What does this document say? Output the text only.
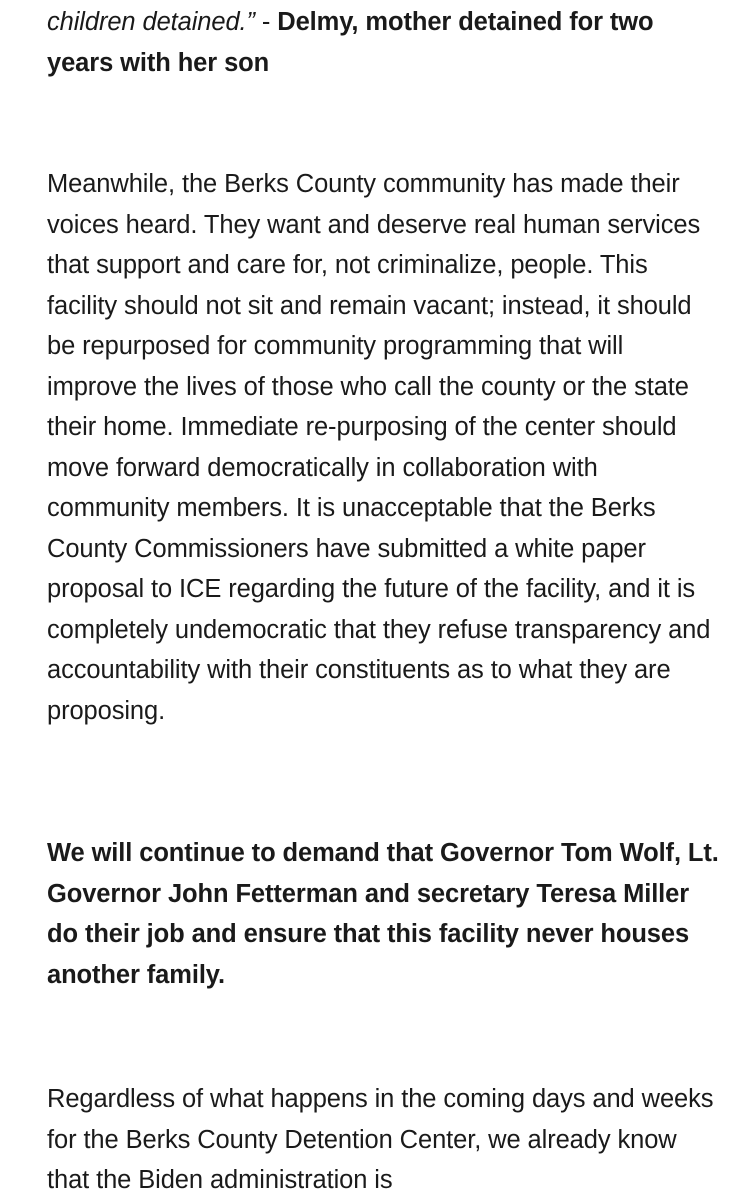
children detained.” - Delmy, mother detained for two years with her son

Meanwhile, the Berks County community has made their voices heard. They want and deserve real human services that support and care for, not criminalize, people. This facility should not sit and remain vacant; instead, it should be repurposed for community programming that will improve the lives of those who call the county or the state their home. Immediate re-purposing of the center should move forward democratically in collaboration with community members. It is unacceptable that the Berks County Commissioners have submitted a white paper proposal to ICE regarding the future of the facility, and it is completely undemocratic that they refuse transparency and accountability with their constituents as to what they are proposing.

We will continue to demand that Governor Tom Wolf, Lt. Governor John Fetterman and secretary Teresa Miller do their job and ensure that this facility never houses another family.

Regardless of what happens in the coming days and weeks for the Berks County Detention Center, we already know that the Biden administration is
